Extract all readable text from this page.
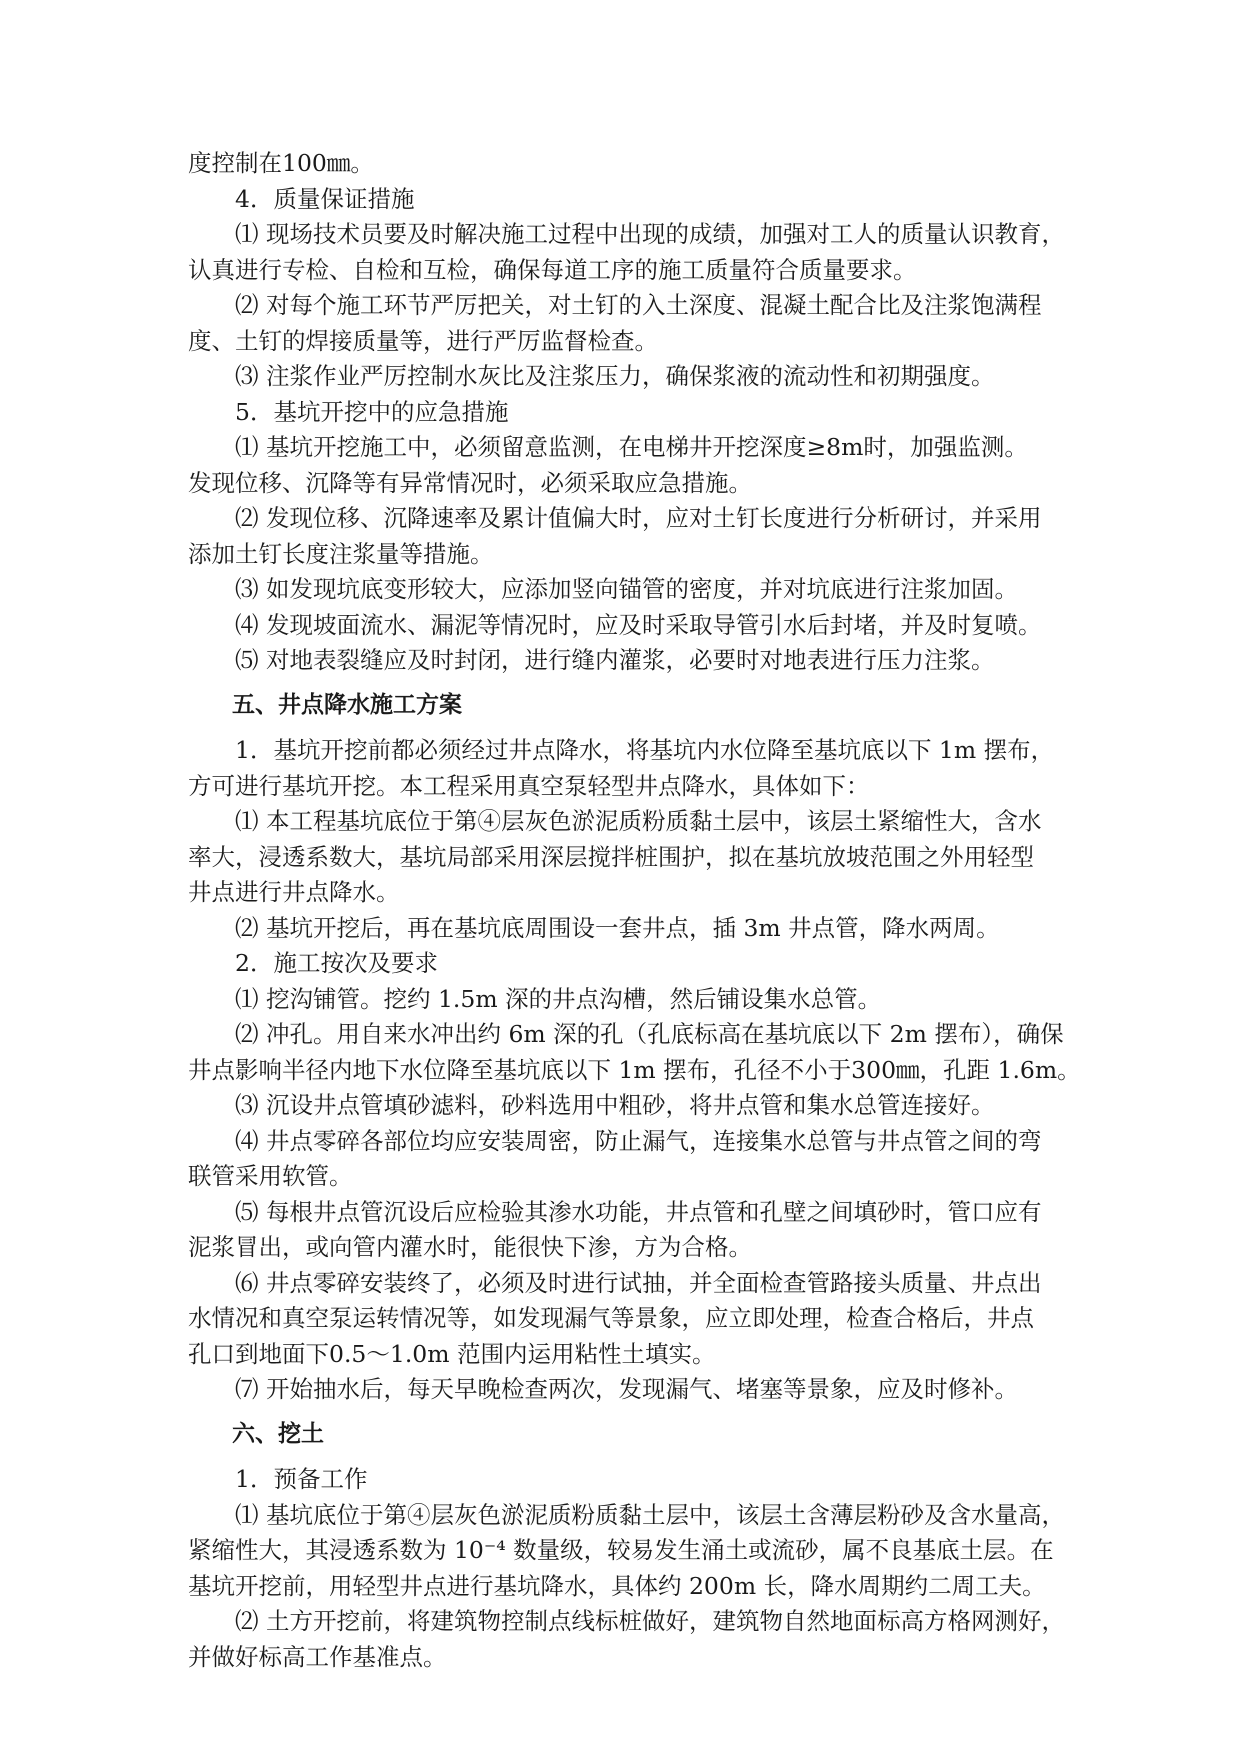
度控制在100㎜。
4．质量保证措施
⑴ 现场技术员要及时解决施工过程中出现的成绩，加强对工人的质量认识教育，
认真进行专检、自检和互检，确保每道工序的施工质量符合质量要求。
⑵ 对每个施工环节严厉把关，对土钉的入土深度、混凝土配合比及注浆饱满程
度、土钉的焊接质量等，进行严厉监督检查。
⑶ 注浆作业严厉控制水灰比及注浆压力，确保浆液的流动性和初期强度。
5．基坑开挖中的应急措施
⑴ 基坑开挖施工中，必须留意监测，在电梯井开挖深度≥8m时，加强监测。
发现位移、沉降等有异常情况时，必须采取应急措施。
⑵ 发现位移、沉降速率及累计值偏大时，应对土钉长度进行分析研讨，并采用
添加土钉长度注浆量等措施。
⑶ 如发现坑底变形较大，应添加竖向锚管的密度，并对坑底进行注浆加固。
⑷ 发现坡面流水、漏泥等情况时，应及时采取导管引水后封堵，并及时复喷。
⑸ 对地表裂缝应及时封闭，进行缝内灌浆，必要时对地表进行压力注浆。
五、井点降水施工方案
1．基坑开挖前都必须经过井点降水，将基坑内水位降至基坑底以下 1m 摆布，
方可进行基坑开挖。本工程采用真空泵轻型井点降水，具体如下：
⑴ 本工程基坑底位于第④层灰色淤泥质粉质黏土层中，该层土紧缩性大，含水
率大，浸透系数大，基坑局部采用深层搅拌桩围护，拟在基坑放坡范围之外用轻型
井点进行井点降水。
⑵ 基坑开挖后，再在基坑底周围设一套井点，插 3m 井点管，降水两周。
2．施工按次及要求
⑴ 挖沟铺管。挖约 1.5m 深的井点沟槽，然后铺设集水总管。
⑵ 冲孔。用自来水冲出约 6m 深的孔（孔底标高在基坑底以下 2m 摆布），确保
井点影响半径内地下水位降至基坑底以下 1m 摆布，孔径不小于300㎜，孔距 1.6m。
⑶ 沉设井点管填砂滤料，砂料选用中粗砂，将井点管和集水总管连接好。
⑷ 井点零碎各部位均应安装周密，防止漏气，连接集水总管与井点管之间的弯
联管采用软管。
⑸ 每根井点管沉设后应检验其渗水功能，井点管和孔壁之间填砂时，管口应有
泥浆冒出，或向管内灌水时，能很快下渗，方为合格。
⑹ 井点零碎安装终了，必须及时进行试抽，并全面检查管路接头质量、井点出
水情况和真空泵运转情况等，如发现漏气等景象，应立即处理，检查合格后，井点
孔口到地面下0.5～1.0m 范围内运用粘性土填实。
⑺ 开始抽水后，每天早晚检查两次，发现漏气、堵塞等景象，应及时修补。
六、挖土
1．预备工作
⑴ 基坑底位于第④层灰色淤泥质粉质黏土层中，该层土含薄层粉砂及含水量高，
紧缩性大，其浸透系数为 10⁻⁴ 数量级，较易发生涌土或流砂，属不良基底土层。在
基坑开挖前，用轻型井点进行基坑降水，具体约 200m 长，降水周期约二周工夫。
⑵ 土方开挖前，将建筑物控制点线标桩做好，建筑物自然地面标高方格网测好，
并做好标高工作基准点。
